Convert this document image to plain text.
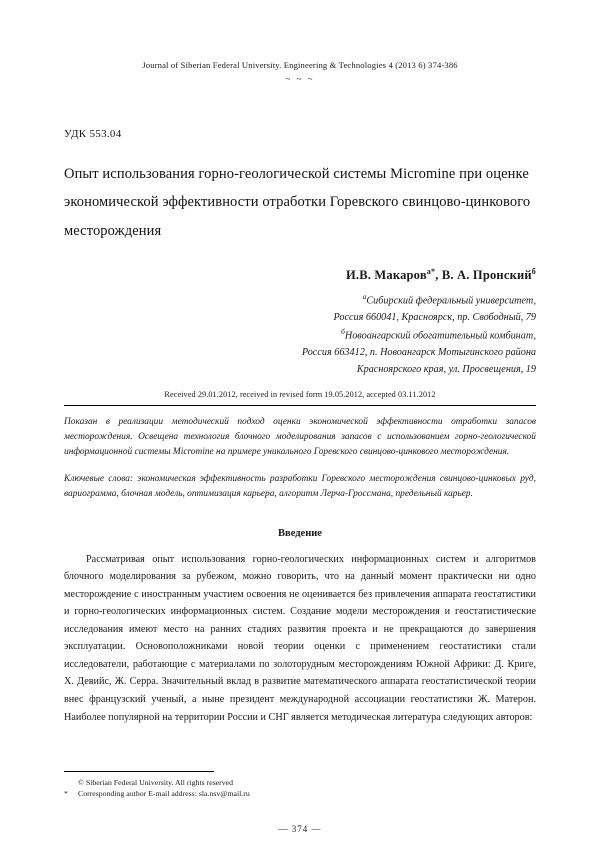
Journal of Siberian Federal University. Engineering & Technologies 4 (2013 6) 374-386
~ ~ ~
УДК 553.04
Опыт использования горно-геологической системы Micromine при оценке экономической эффективности отработки Горевского свинцово-цинкового месторождения
И.В. Макаров$^{а*}$, В. А. Пронский$^б$
$^а$Сибирский федеральный университет,
Россия 660041, Красноярск, пр. Свободный, 79
$^б$Новоангарский обогатительный комбинат,
Россия 663412, п. Новоангарск Мотыгинского района
Красноярского края, ул. Просвещения, 19
Received 29.01.2012, received in revised form 19.05.2012, accepted 03.11.2012
Показан в реализации методический подход оценки экономической эффективности отработки запасов месторождения. Освещена технология блочного моделирования запасов с использованием горно-геологической информационной системы Micromine на примере уникального Горевского свинцово-цинкового месторождения.
Ключевые слова: экономическая эффективность разработки Горевского месторождения свинцово-цинковых руд, вариограмма, блочная модель, оптимизация карьера, алгоритм Лерча-Гроссмана, предельный карьер.
Введение
Рассматривая опыт использования горно-геологических информационных систем и алгоритмов блочного моделирования за рубежом, можно говорить, что на данный момент практически ни одно месторождение с иностранным участием освоения не оценивается без привлечения аппарата геостатистики и горно-геологических информационных систем. Создание модели месторождения и геостатистические исследования имеют место на ранних стадиях развития проекта и не прекращаются до завершения эксплуатации. Основоположниками новой теории оценки с применением геостатистики стали исследователи, работающие с материалами по золоторудным месторождениям Южной Африки: Д. Криге, Х. Девийс, Ж. Серра. Значительный вклад в развитие математического аппарата геостатистической теории внес французский ученый, а ныне президент международной ассоциации геостатистики Ж. Матерон. Наиболее популярной на территории России и СНГ является методическая литература следующих авторов:
© Siberian Federal University. All rights reserved
* Corresponding author E-mail address: sla.nsv@mail.ru
— 374 —
